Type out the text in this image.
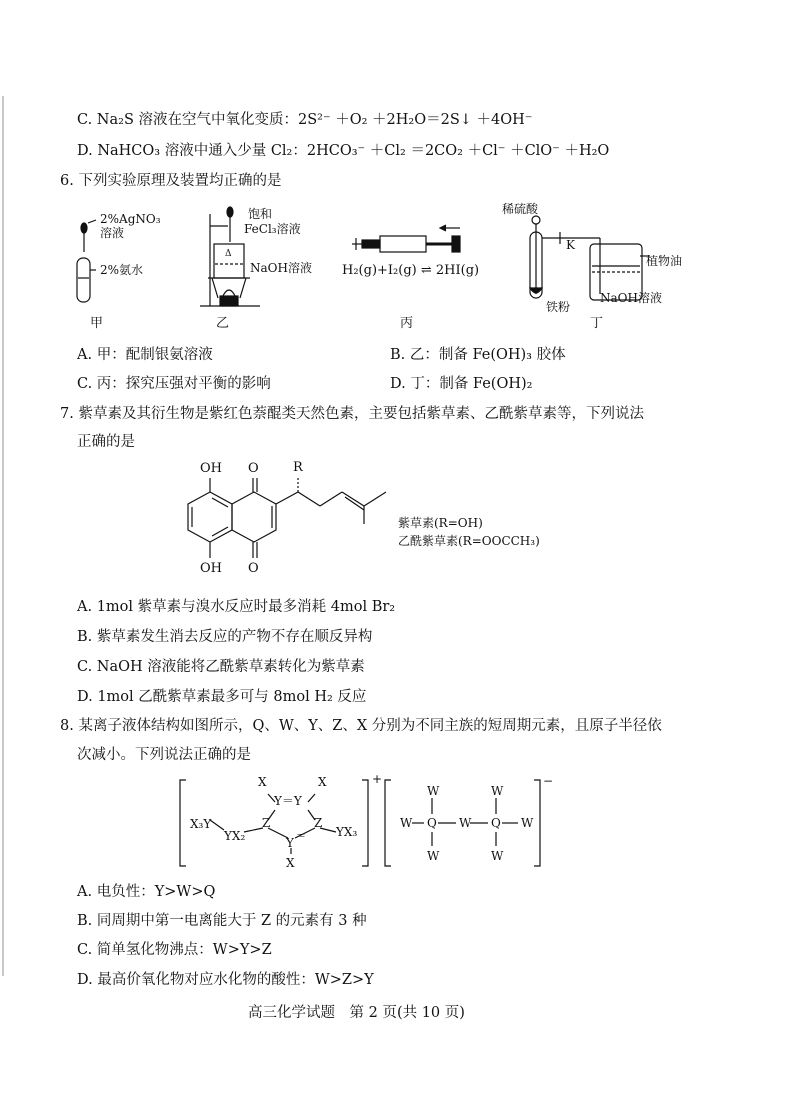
C. Na₂S 溶液在空气中氧化变质：2S²⁻ ＋O₂ ＋2H₂O＝2S↓ ＋4OH⁻
D. NaHCO₃ 溶液中通入少量 Cl₂：2HCO₃⁻ ＋Cl₂ ＝2CO₂ ＋Cl⁻ ＋ClO⁻ ＋H₂O
6. 下列实验原理及装置均正确的是
Δ
2%AgNO₃
溶液
2%氨水
饱和
FeCl₃溶液
NaOH溶液 H₂(g)+I₂(g) ⇌ 2HI(g)
稀硫酸
K
植物油
NaOH溶液
铁粉
甲	乙	丙	丁
A. 甲：配制银氨溶液	B. 乙：制备 Fe(OH)₃ 胶体
C. 丙：探究压强对平衡的影响	D. 丁：制备 Fe(OH)₂
7. 紫草素及其衍生物是紫红色萘醌类天然色素，主要包括紫草素、乙酰紫草素等，下列说法
正确的是
OH O	R
OH O
紫草素(R=OH)
乙酰紫草素(R=OOCCH₃)
A. 1mol 紫草素与溴水反应时最多消耗 4mol Br₂
B. 紫草素发生消去反应的产物不存在顺反异构
C. NaOH 溶液能将乙酰紫草素转化为紫草素
D. 1mol 乙酰紫草素最多可与 8mol H₂ 反应
8. 某离子液体结构如图所示，Q、W、Y、Z、X 分别为不同主族的短周期元素，且原子半径依
次减小。下列说法正确的是
X	X
Y＝Y
Z	Z
X₃Y
YX₂	Y ＝	YX₃
X
+
W	W
W Q W Q W
W	W
−
A. 电负性：Y>W>Q
B. 同周期中第一电离能大于 Z 的元素有 3 种
C. 简单氢化物沸点：W>Y>Z
D. 最高价氧化物对应水化物的酸性：W>Z>Y
高三化学试题　第 2 页(共 10 页)
